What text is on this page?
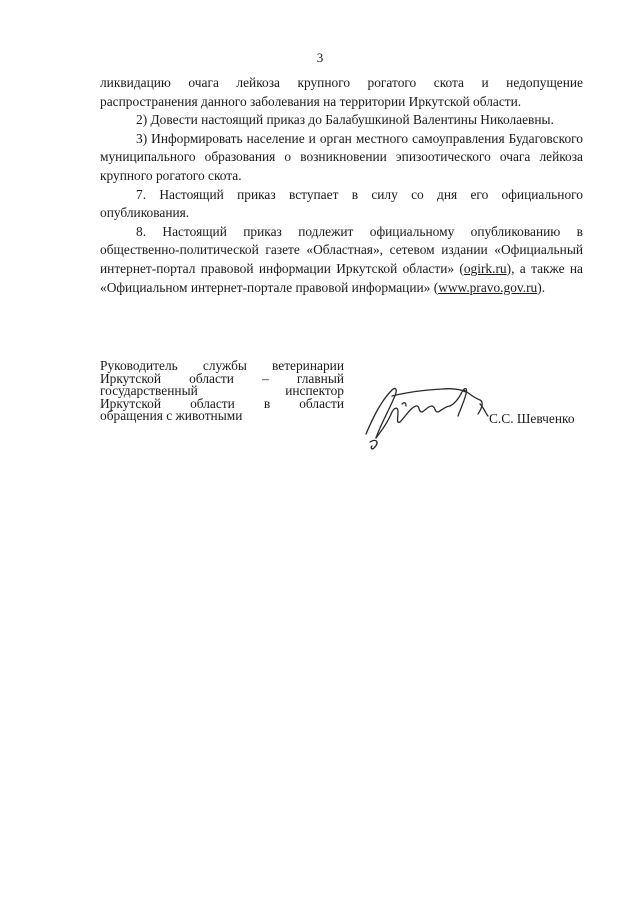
3

ликвидацию очага лейкоза крупного рогатого скота и недопущение распространения данного заболевания на территории Иркутской области.

2) Довести настоящий приказ до Балабушкиной Валентины Николаевны.

3) Информировать население и орган местного самоуправления Будаговского муниципального образования о возникновении эпизоотического очага лейкоза крупного рогатого скота.

7. Настоящий приказ вступает в силу со дня его официального опубликования.

8. Настоящий приказ подлежит официальному опубликованию в общественно-политической газете «Областная», сетевом издании «Официальный интернет-портал правовой информации Иркутской области» (ogirk.ru), а также на «Официальном интернет-портале правовой информации» (www.pravo.gov.ru).

Руководитель службы ветеринарии

Иркутской области – главный

государственный инспектор

Иркутской области в области

обращения с животными	С.С. Шевченко
